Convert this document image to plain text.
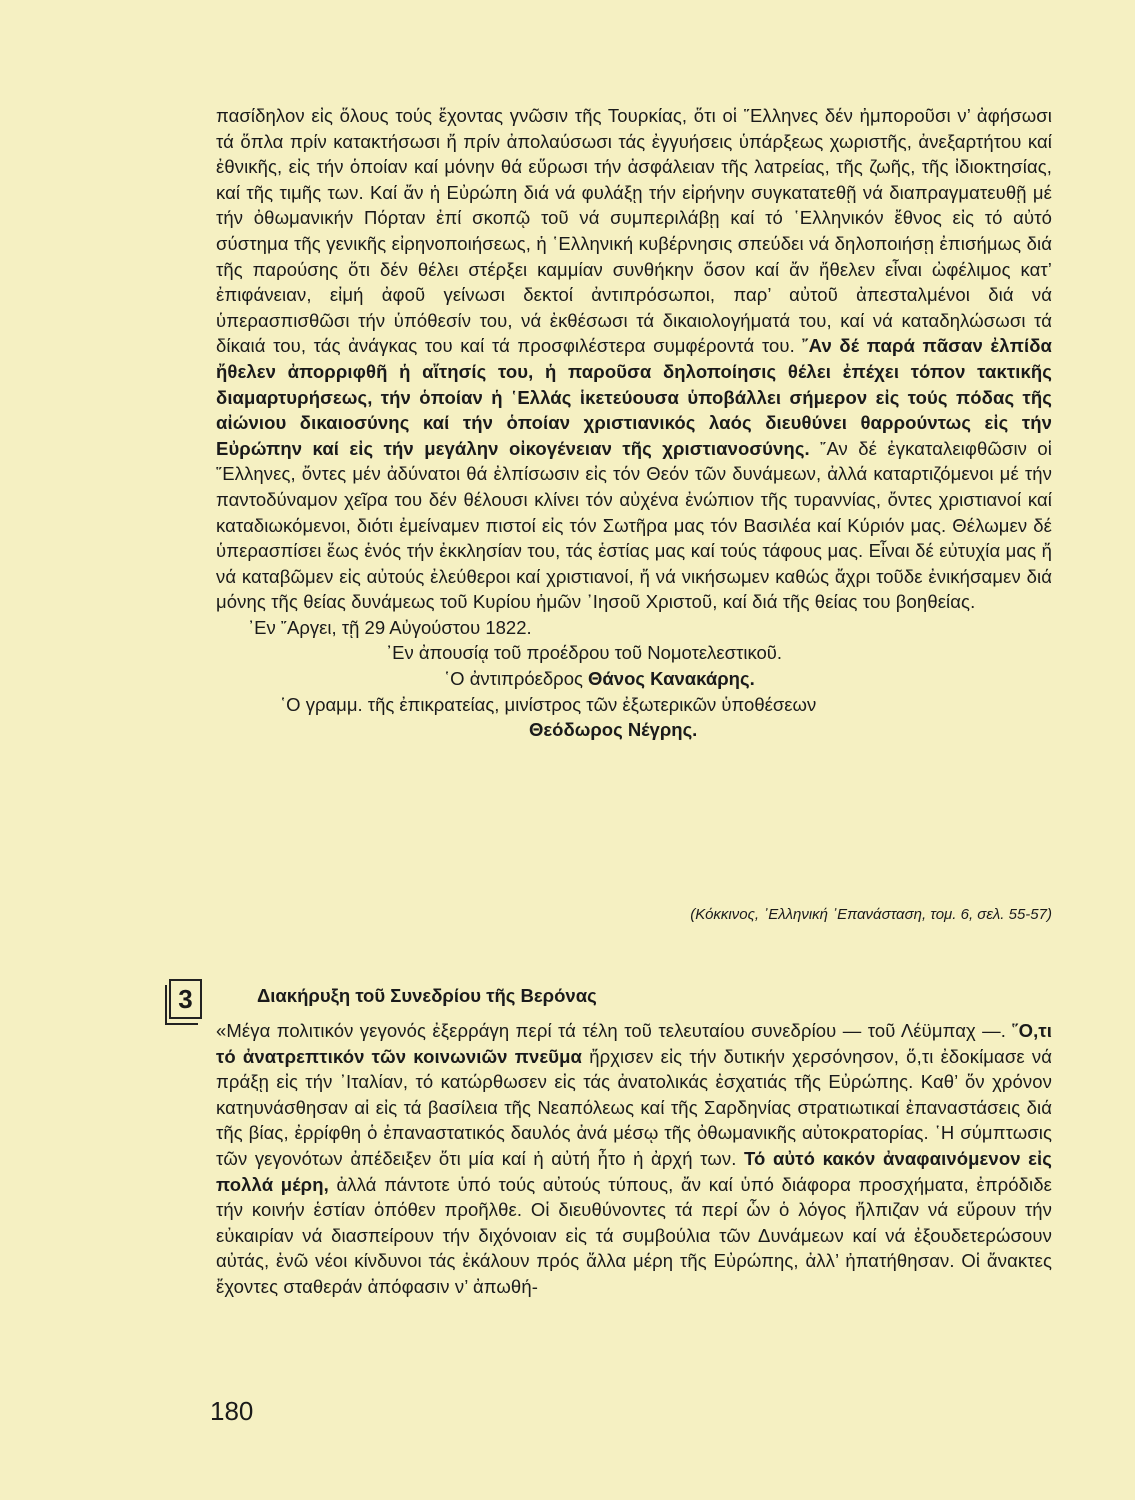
πασίδηλον εἰς ὅλους τούς ἔχοντας γνῶσιν τῆς Τουρκίας, ὅτι οἱ ῞Ελληνες δέν ἠμποροῦσι ν’ ἀφήσωσι τά ὅπλα πρίν κατακτήσωσι ἤ πρίν ἀπολαύσωσι τάς ἐγγυήσεις ὑπάρξεως χωριστῆς, ἀνεξαρτήτου καί ἐθνικῆς, εἰς τήν ὁποίαν καί μόνην θά εὕρωσι τήν ἀσφάλειαν τῆς λατρείας, τῆς ζωῆς, τῆς ἰδιοκτησίας, καί τῆς τιμῆς των. Καί ἄν ἡ Εὐρώπη διά νά φυλάξῃ τήν εἰρήνην συγκατατεθῇ νά διαπραγματευθῇ μέ τήν ὀθωμανικήν Πόρταν ἐπί σκοπῷ τοῦ νά συμπεριλάβῃ καί τό ῾Ελληνικόν ἔθνος εἰς τό αὐτό σύστημα τῆς γενικῆς εἰρηνοποιήσεως, ἡ ῾Ελληνική κυβέρνησις σπεύδει νά δηλοποιήσῃ ἐπισήμως διά τῆς παρούσης ὅτι δέν θέλει στέρξει καμμίαν συνθήκην ὅσον καί ἄν ἤθελεν εἶναι ὠφέλιμος κατ’ ἐπιφάνειαν, εἰμή ἀφοῦ γείνωσι δεκτοί ἀντιπρόσωποι, παρ’ αὐτοῦ ἀπεσταλμένοι διά νά ὑπερασπισθῶσι τήν ὑπόθεσίν του, νά ἐκθέσωσι τά δικαιολογήματά του, καί νά καταδηλώσωσι τά δίκαιά του, τάς ἀνάγκας του καί τά προσφιλέστερα συμφέροντά του. ῎Αν δέ παρά πᾶσαν ἐλπίδα ἤθελεν ἀπορριφθῆ ἡ αἴτησίς του, ἡ παροῦσα δηλοποίησις θέλει ἐπέχει τόπον τακτικῆς διαμαρτυρήσεως, τήν ὁποίαν ἡ ῾Ελλάς ἱκετεύουσα ὑποβάλλει σήμερον εἰς τούς πόδας τῆς αἰώνιου δικαιοσύνης καί τήν ὁποίαν χριστιανικός λαός διευθύνει θαρρούντως εἰς τήν Εὐρώπην καί εἰς τήν μεγάλην οἰκογένειαν τῆς χριστιανοσύνης. ῎Αν δέ ἐγκαταλειφθῶσιν οἱ ῞Ελληνες, ὄντες μέν ἀδύνατοι θά ἐλπίσωσιν εἰς τόν Θεόν τῶν δυνάμεων, ἀλλά καταρτιζόμενοι μέ τήν παντοδύναμον χεῖρα του δέν θέλουσι κλίνει τόν αὐχένα ἐνώπιον τῆς τυραννίας, ὄντες χριστιανοί καί καταδιωκόμενοι, διότι ἐμείναμεν πιστοί εἰς τόν Σωτῆρα μας τόν Βασιλέα καί Κύριόν μας. Θέλωμεν δέ ὑπερασπίσει ἕως ἑνός τήν ἐκκλησίαν του, τάς ἑστίας μας καί τούς τάφους μας. Εἶναι δέ εὐτυχία μας ἤ νά καταβῶμεν εἰς αὐτούς ἐλεύθεροι καί χριστιανοί, ἤ νά νικήσωμεν καθώς ἄχρι τοῦδε ἐνικήσαμεν διά μόνης τῆς θείας δυνάμεως τοῦ Κυρίου ἡμῶν ᾿Ιησοῦ Χριστοῦ, καί διά τῆς θείας του βοηθείας.

᾿Εν ῎Αργει, τῇ 29 Αὐγούστου 1822.

᾿Εν ἀπουσίᾳ τοῦ προέδρου τοῦ Νομοτελεστικοῦ.

῾Ο ἀντιπρόεδρος Θάνος Κανακάρης.

῾Ο γραμμ. τῆς ἐπικρατείας, μινίστρος τῶν ἐξωτερικῶν ὑποθέσεων

Θεόδωρος Νέγρης.

(Κόκκινος, ᾿Ελληνική ᾿Επανάσταση, τομ. 6, σελ. 55-57)
3	Διακήρυξη τοῦ Συνεδρίου τῆς Βερόνας

«Μέγα πολιτικόν γεγονός ἐξερράγη περί τά τέλη τοῦ τελευταίου συνεδρίου — τοῦ Λέϋμπαχ —. ῞Ο,τι τό ἀνατρεπτικόν τῶν κοινωνιῶν πνεῦμα ἤρχισεν εἰς τήν δυτικήν χερσόνησον, ὅ,τι ἐδοκίμασε νά πράξῃ εἰς τήν ᾿Ιταλίαν, τό κατώρθωσεν εἰς τάς ἀνατολικάς ἐσχατιάς τῆς Εὐρώπης. Καθ’ ὅν χρόνον κατηυνάσθησαν αἱ εἰς τά βασίλεια τῆς Νεαπόλεως καί τῆς Σαρδηνίας στρατιωτικαί ἐπαναστάσεις διά τῆς βίας, ἐρρίφθη ὁ ἐπαναστατικός δαυλός ἀνά μέσῳ τῆς ὀθωμανικῆς αὐτοκρατορίας. ῾Η σύμπτωσις τῶν γεγονότων ἀπέδειξεν ὅτι μία καί ἡ αὐτή ἦτο ἡ ἀρχή των. Τό αὐτό κακόν ἀναφαινόμενον εἰς πολλά μέρη, ἀλλά πάντοτε ὑπό τούς αὐτούς τύπους, ἄν καί ὑπό διάφορα προσχήματα, ἐπρόδιδε τήν κοινήν ἑστίαν ὁπόθεν προῆλθε. Οἱ διευθύνοντες τά περί ὧν ὁ λόγος ἤλπιζαν νά εὕρουν τήν εὐκαιρίαν νά διασπείρουν τήν διχόνοιαν εἰς τά συμβούλια τῶν Δυνάμεων καί νά ἐξουδετερώσουν αὐτάς, ἐνῶ νέοι κίνδυνοι τάς ἐκάλουν πρός ἄλλα μέρη τῆς Εὐρώπης, ἀλλ’ ἠπατήθησαν. Οἱ ἄνακτες ἔχοντες σταθεράν ἀπόφασιν ν’ ἀπωθή-

180
